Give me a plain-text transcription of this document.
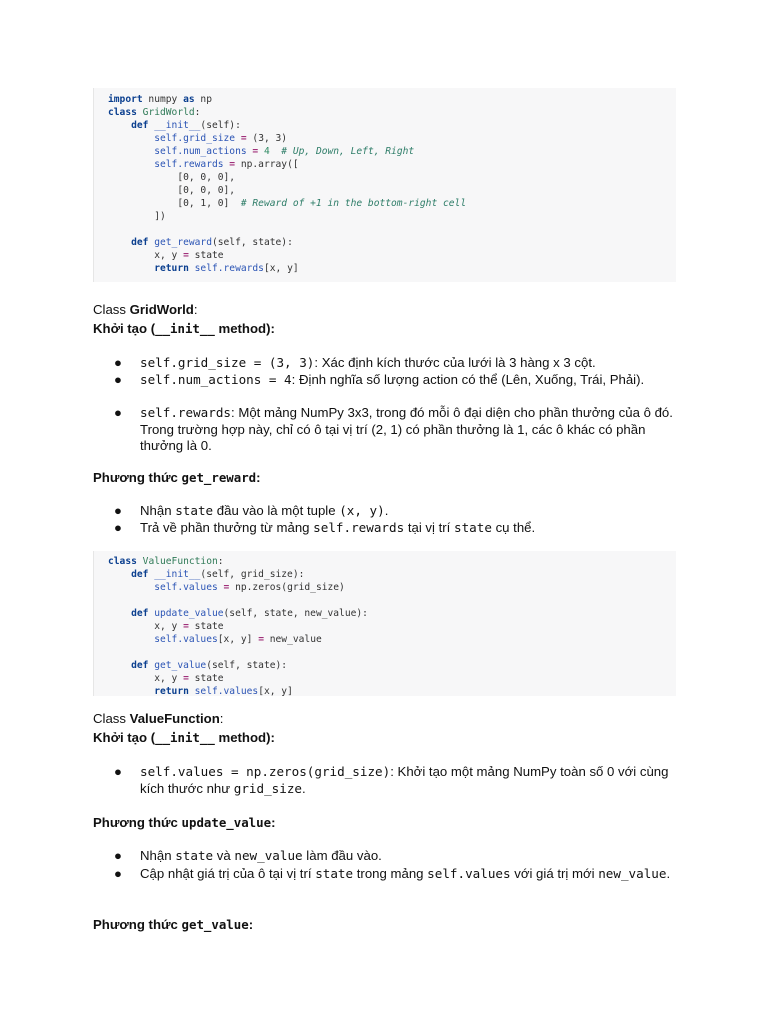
import numpy as np
class GridWorld:
def __init__(self):
self.grid_size = (3, 3)
self.num_actions = 4  # Up, Down, Left, Right
self.rewards = np.array([
[0, 0, 0],
[0, 0, 0],
[0, 1, 0]  # Reward of +1 in the bottom-right cell
])
def get_reward(self, state):
x, y = state
return self.rewards[x, y]
Class GridWorld:
Khởi tạo (__init__ method):
●	self.grid_size = (3, 3): Xác định kích thước của lưới là 3 hàng x 3 cột.
●	self.num_actions = 4: Định nghĩa số lượng action có thể (Lên, Xuống, Trái, Phải).
●	self.rewards: Một mảng NumPy 3x3, trong đó mỗi ô đại diện cho phần thưởng của ô đó. Trong trường hợp này, chỉ có ô tại vị trí (2, 1) có phần thưởng là 1, các ô khác có phần thưởng là 0.
Phương thức get_reward:
●	Nhận state đầu vào là một tuple (x, y).
●	Trả về phần thưởng từ mảng self.rewards tại vị trí state cụ thể.
class ValueFunction:
def __init__(self, grid_size):
self.values = np.zeros(grid_size)
def update_value(self, state, new_value):
x, y = state
self.values[x, y] = new_value
def get_value(self, state):
x, y = state
return self.values[x, y]
Class ValueFunction:
Khởi tạo (__init__ method):
●	self.values = np.zeros(grid_size): Khởi tạo một mảng NumPy toàn số 0 với cùng kích thước như grid_size.
Phương thức update_value:
●	Nhận state và new_value làm đầu vào.
●	Cập nhật giá trị của ô tại vị trí state trong mảng self.values với giá trị mới new_value.
Phương thức get_value:
